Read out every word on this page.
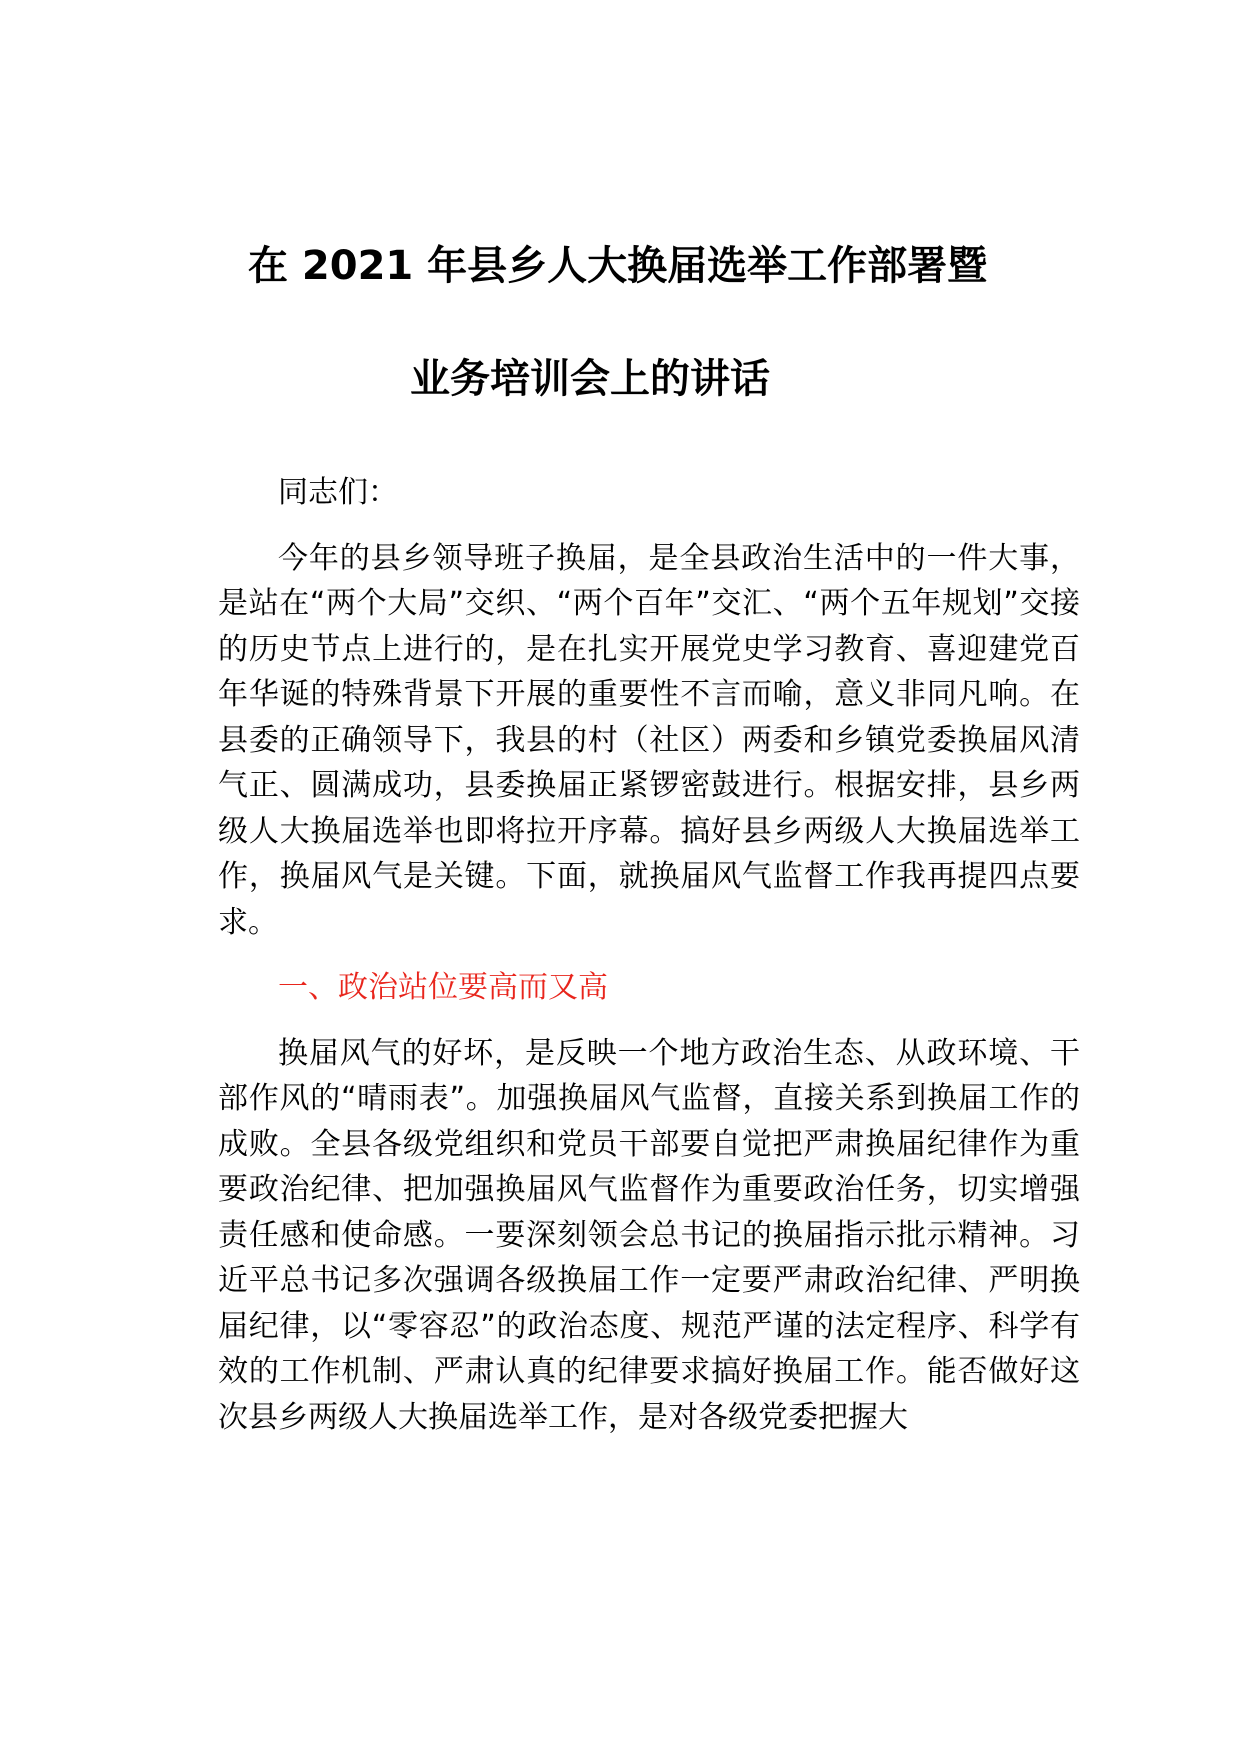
在 2021 年县乡人大换届选举工作部署暨
业务培训会上的讲话

同志们：

今年的县乡领导班子换届，是全县政治生活中的一件大事，是站在“两个大局”交织、“两个百年”交汇、“两个五年规划”交接的历史节点上进行的，是在扎实开展党史学习教育、喜迎建党百年华诞的特殊背景下开展的重要性不言而喻，意义非同凡响。在县委的正确领导下，我县的村（社区）两委和乡镇党委换届风清气正、圆满成功，县委换届正紧锣密鼓进行。根据安排，县乡两级人大换届选举也即将拉开序幕。搞好县乡两级人大换届选举工作，换届风气是关键。下面，就换届风气监督工作我再提四点要求。

一、政治站位要高而又高

换届风气的好坏，是反映一个地方政治生态、从政环境、干部作风的“晴雨表”。加强换届风气监督，直接关系到换届工作的成败。全县各级党组织和党员干部要自觉把严肃换届纪律作为重要政治纪律、把加强换届风气监督作为重要政治任务，切实增强责任感和使命感。一要深刻领会总书记的换届指示批示精神。习近平总书记多次强调各级换届工作一定要严肃政治纪律、严明换届纪律，以“零容忍”的政治态度、规范严谨的法定程序、科学有效的工作机制、严肃认真的纪律要求搞好换届工作。能否做好这次县乡两级人大换届选举工作，是对各级党委把握大
